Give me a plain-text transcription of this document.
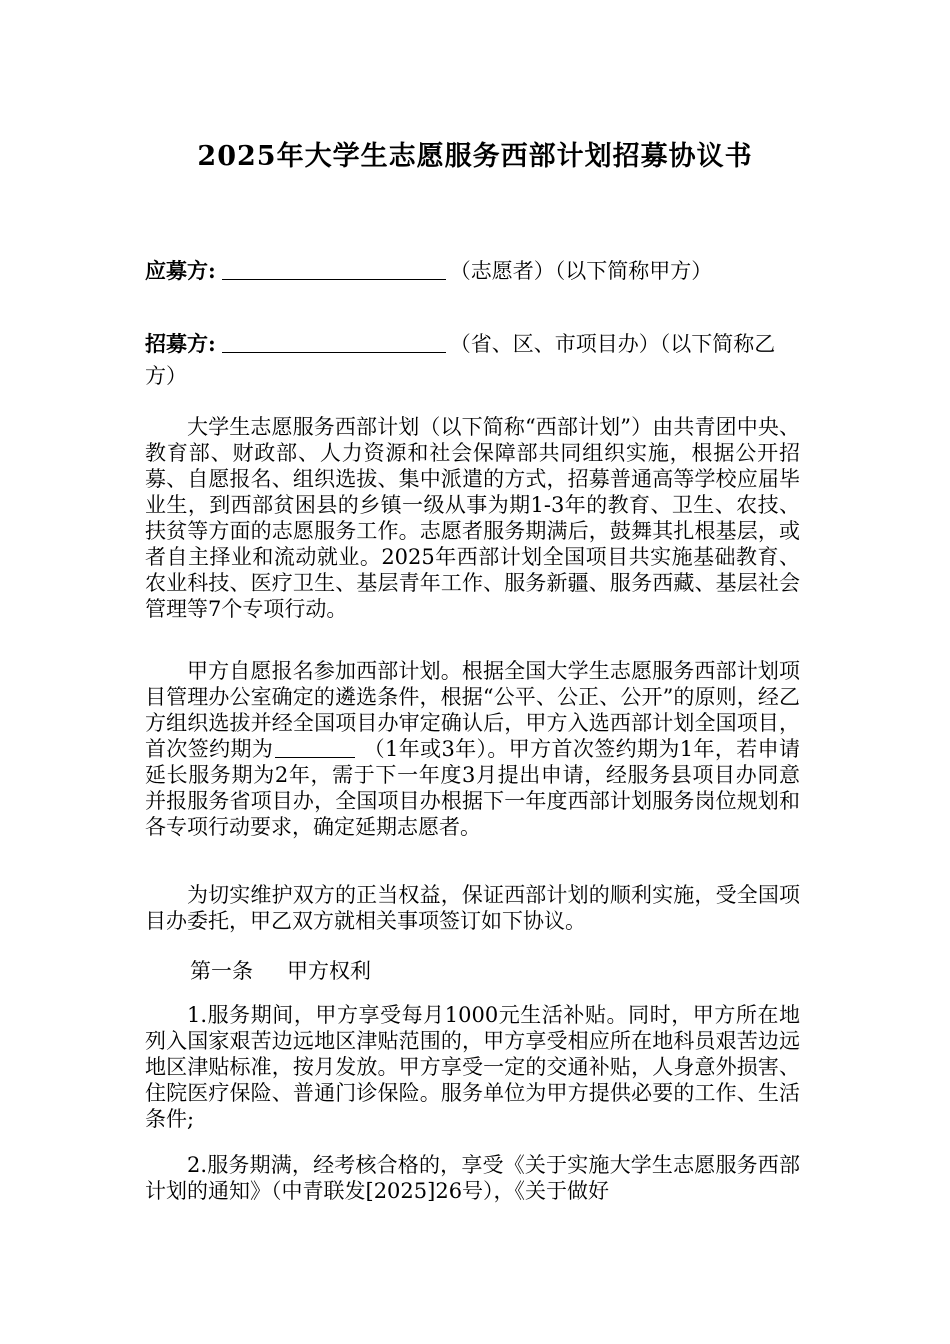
2025年大学生志愿服务西部计划招募协议书
应募方:	（志愿者）（以下简称甲方）
招募方:	（省、区、市项目办）（以下简称乙方）

大学生志愿服务西部计划（以下简称“西部计划”）由共青团中央、教育部、财政部、人力资源和社会保障部共同组织实施，根据公开招募、自愿报名、组织选拔、集中派遣的方式，招募普通高等学校应届毕业生，到西部贫困县的乡镇一级从事为期1-3年的教育、卫生、农技、扶贫等方面的志愿服务工作。志愿者服务期满后，鼓舞其扎根基层，或者自主择业和流动就业。2025年西部计划全国项目共实施基础教育、农业科技、医疗卫生、基层青年工作、服务新疆、服务西藏、基层社会管理等7个专项行动。

甲方自愿报名参加西部计划。根据全国大学生志愿服务西部计划项目管理办公室确定的遴选条件，根据“公平、公正、公开”的原则，经乙方组织选拔并经全国项目办审定确认后，甲方入选西部计划全国项目，首次签约期为	（1年或3年）。甲方首次签约期为1年，若申请延长服务期为2年，需于下一年度3月提出申请，经服务县项目办同意并报服务省项目办，全国项目办根据下一年度西部计划服务岗位规划和各专项行动要求，确定延期志愿者。

为切实维护双方的正当权益，保证西部计划的顺利实施，受全国项目办委托，甲乙双方就相关事项签订如下协议。

第一条 甲方权利

1.服务期间，甲方享受每月1000元生活补贴。同时，甲方所在地列入国家艰苦边远地区津贴范围的，甲方享受相应所在地科员艰苦边远地区津贴标准，按月发放。甲方享受一定的交通补贴，人身意外损害、住院医疗保险、普通门诊保险。服务单位为甲方提供必要的工作、生活条件;

2.服务期满，经考核合格的，享受《关于实施大学生志愿服务西部计划的通知》（中青联发[2025]26号），《关于做好
